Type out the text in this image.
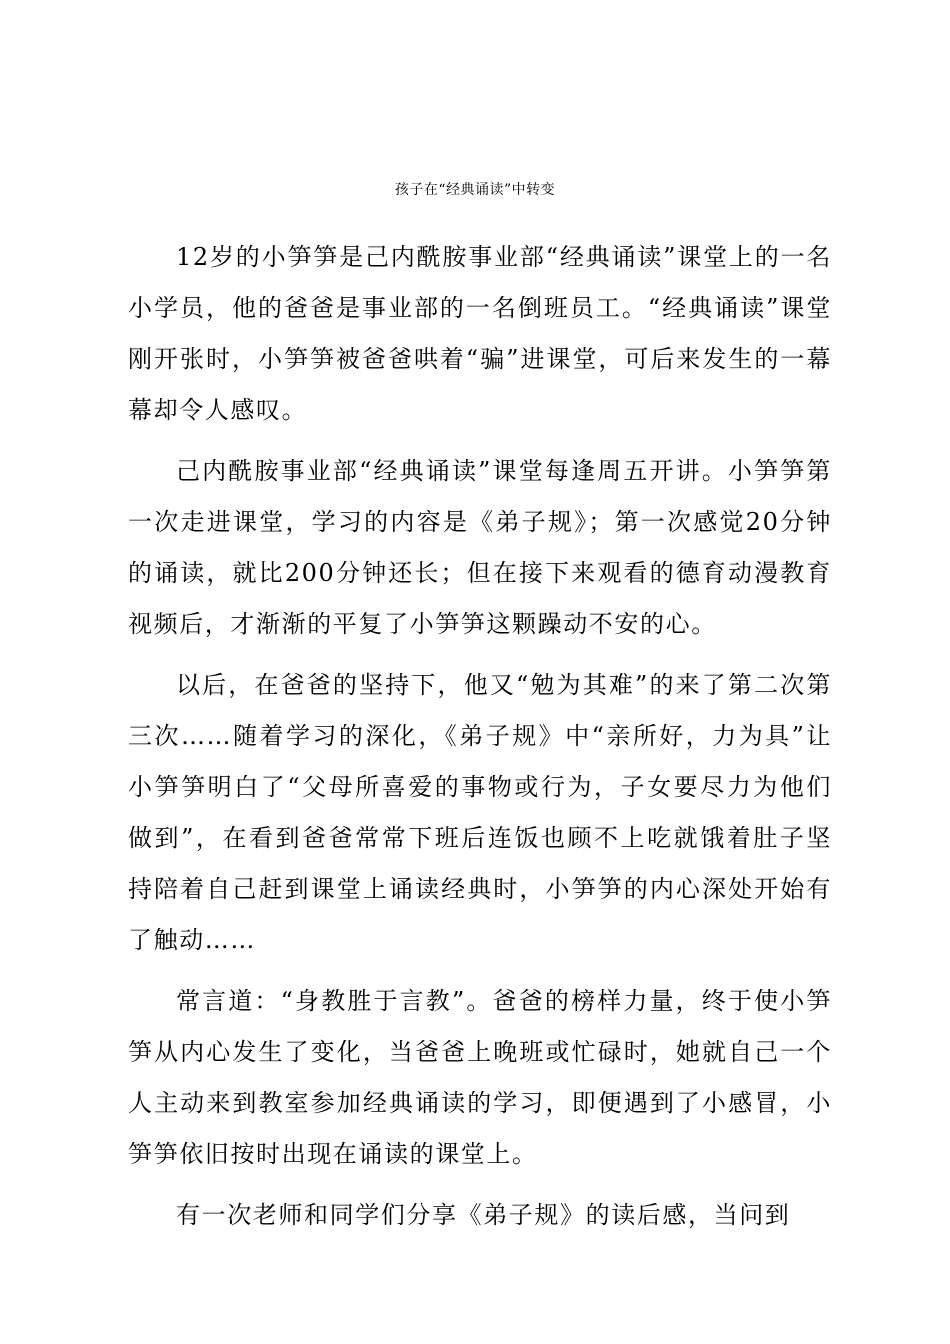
孩子在“经典诵读”中转变

12岁的小笋笋是己内酰胺事业部“经典诵读”课堂上的一名小学员，他的爸爸是事业部的一名倒班员工。“经典诵读”课堂刚开张时，小笋笋被爸爸哄着“骗”进课堂，可后来发生的一幕幕却令人感叹。

己内酰胺事业部“经典诵读”课堂每逢周五开讲。小笋笋第一次走进课堂，学习的内容是《弟子规》；第一次感觉20分钟的诵读，就比200分钟还长；但在接下来观看的德育动漫教育视频后，才渐渐的平复了小笋笋这颗躁动不安的心。

以后，在爸爸的坚持下，他又“勉为其难”的来了第二次第三次……随着学习的深化，《弟子规》中“亲所好，力为具”让小笋笋明白了“父母所喜爱的事物或行为，子女要尽力为他们做到”，在看到爸爸常常下班后连饭也顾不上吃就饿着肚子坚持陪着自己赶到课堂上诵读经典时，小笋笋的内心深处开始有了触动……

常言道：“身教胜于言教”。爸爸的榜样力量，终于使小笋笋从内心发生了变化，当爸爸上晚班或忙碌时，她就自己一个人主动来到教室参加经典诵读的学习，即便遇到了小感冒，小笋笋依旧按时出现在诵读的课堂上。

有一次老师和同学们分享《弟子规》的读后感，当问到
